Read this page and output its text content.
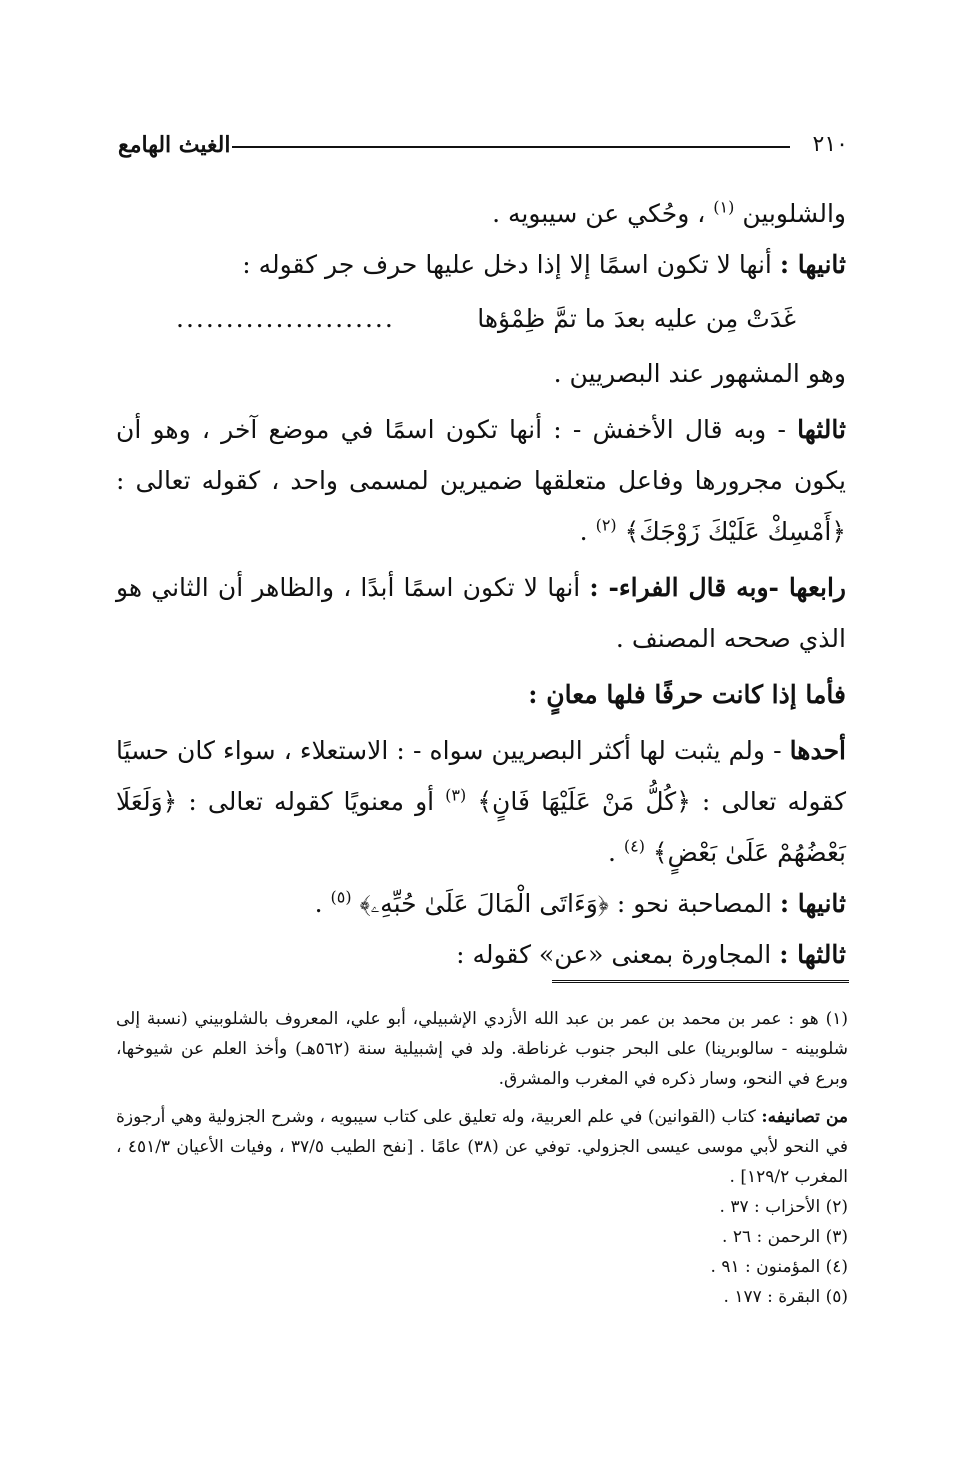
٢١٠
الغيث الهامع

والشلوبين $^{(١)}$ ، وحُكي عن سيبويه .

ثانيها : أنها لا تكون اسمًا إلا إذا دخل عليها حرف جر كقوله :

غَدَتْ مِن عليه بعدَ ما تمَّ ظِمْؤها
......................

وهو المشهور عند البصريين .

ثالثها - وبه قال الأخفش - : أنها تكون اسمًا في موضع آخر ، وهو أن يكون مجرورها وفاعل متعلقها ضميرين لمسمى واحد ، كقوله تعالى : ﴿أَمْسِكْ عَلَيْكَ زَوْجَكَ﴾ $^{(٢)}$ .

رابعها -وبه قال الفراء- : أنها لا تكون اسمًا أبدًا ، والظاهر أن الثاني هو الذي صححه المصنف .

فأما إذا كانت حرفًا فلها معانٍ :

أحدها - ولم يثبت لها أكثر البصريين سواه - : الاستعلاء ، سواء كان حسيًا كقوله تعالى : ﴿كُلُّ مَنْ عَلَيْهَا فَانٍ﴾ $^{(٣)}$ أو معنويًا كقوله تعالى : ﴿وَلَعَلَا بَعْضُهُمْ عَلَىٰ بَعْضٍ﴾ $^{(٤)}$ .

ثانيها : المصاحبة نحو : ﴿وَءَاتَى الْمَالَ عَلَىٰ حُبِّهِۦ﴾ $^{(٥)}$ .

ثالثها : المجاورة بمعنى «عن» كقوله :

(١) هو : عمر بن محمد بن عمر بن عبد الله الأزدي الإشبيلي، أبو علي، المعروف بالشلوبيني (نسبة إلى شلوبينه - سالوبرينا) على البحر جنوب غرناطة. ولد في إشبيلية سنة (٥٦٢هـ) وأخذ العلم عن شيوخها، وبرع في النحو، وسار ذكره في المغرب والمشرق.

من تصانيفه: كتاب (القوانين) في علم العربية، وله تعليق على كتاب سيبويه ، وشرح الجزولية وهي أرجوزة في النحو لأبي موسى عيسى الجزولي. توفي عن (٣٨) عامًا . [نفح الطيب ٣٧/٥ ، وفيات الأعيان ٤٥١/٣ ، المغرب ١٢٩/٢] .

(٢) الأحزاب : ٣٧ .

(٣) الرحمن : ٢٦ .

(٤) المؤمنون : ٩١ .

(٥) البقرة : ١٧٧ .
